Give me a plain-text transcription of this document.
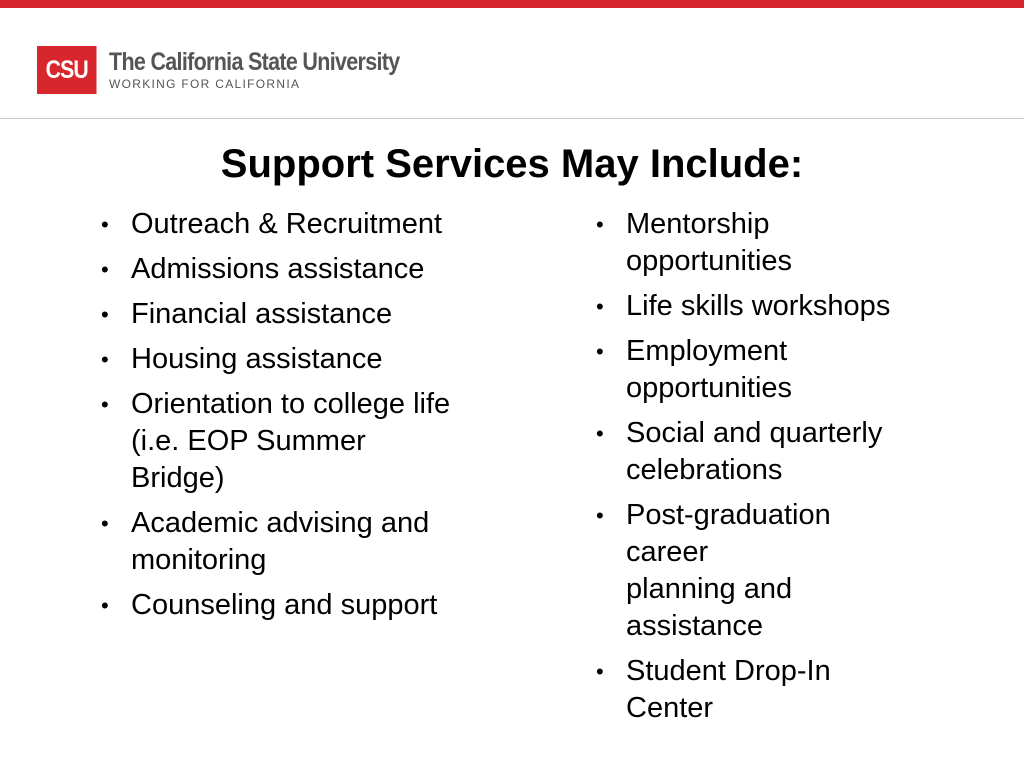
CSU The California State University
WORKING FOR CALIFORNIA
Support Services May Include:
• Outreach & Recruitment
• Admissions assistance
• Financial assistance
• Housing assistance
• Orientation to college life
(i.e. EOP Summer
Bridge)
• Academic advising and
monitoring
• Counseling and support
• Mentorship
opportunities
• Life skills workshops
• Employment
opportunities
• Social and quarterly
celebrations
• Post-graduation
career
planning and
assistance
• Student Drop-In
Center
